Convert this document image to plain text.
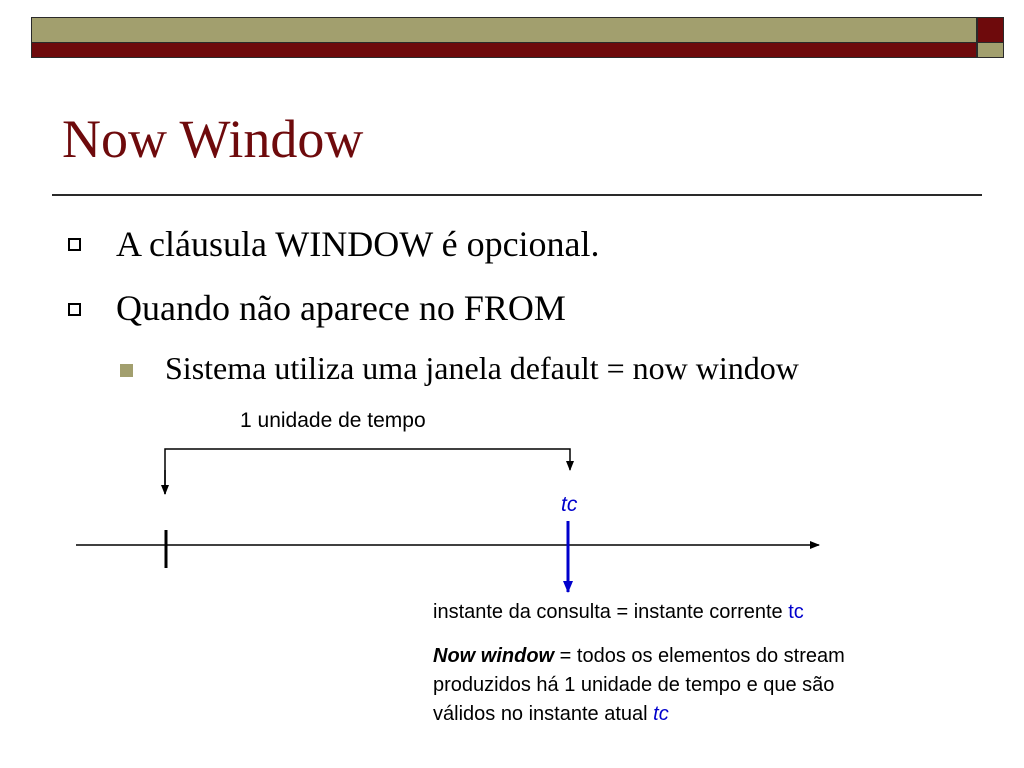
Now Window
A cláusula WINDOW é opcional.
Quando não aparece no FROM
Sistema utiliza uma janela default = now window
1 unidade de tempo
tc
instante da consulta = instante corrente tc
Now window = todos os elementos do stream
produzidos há 1 unidade de tempo e que são
válidos no instante atual tc
